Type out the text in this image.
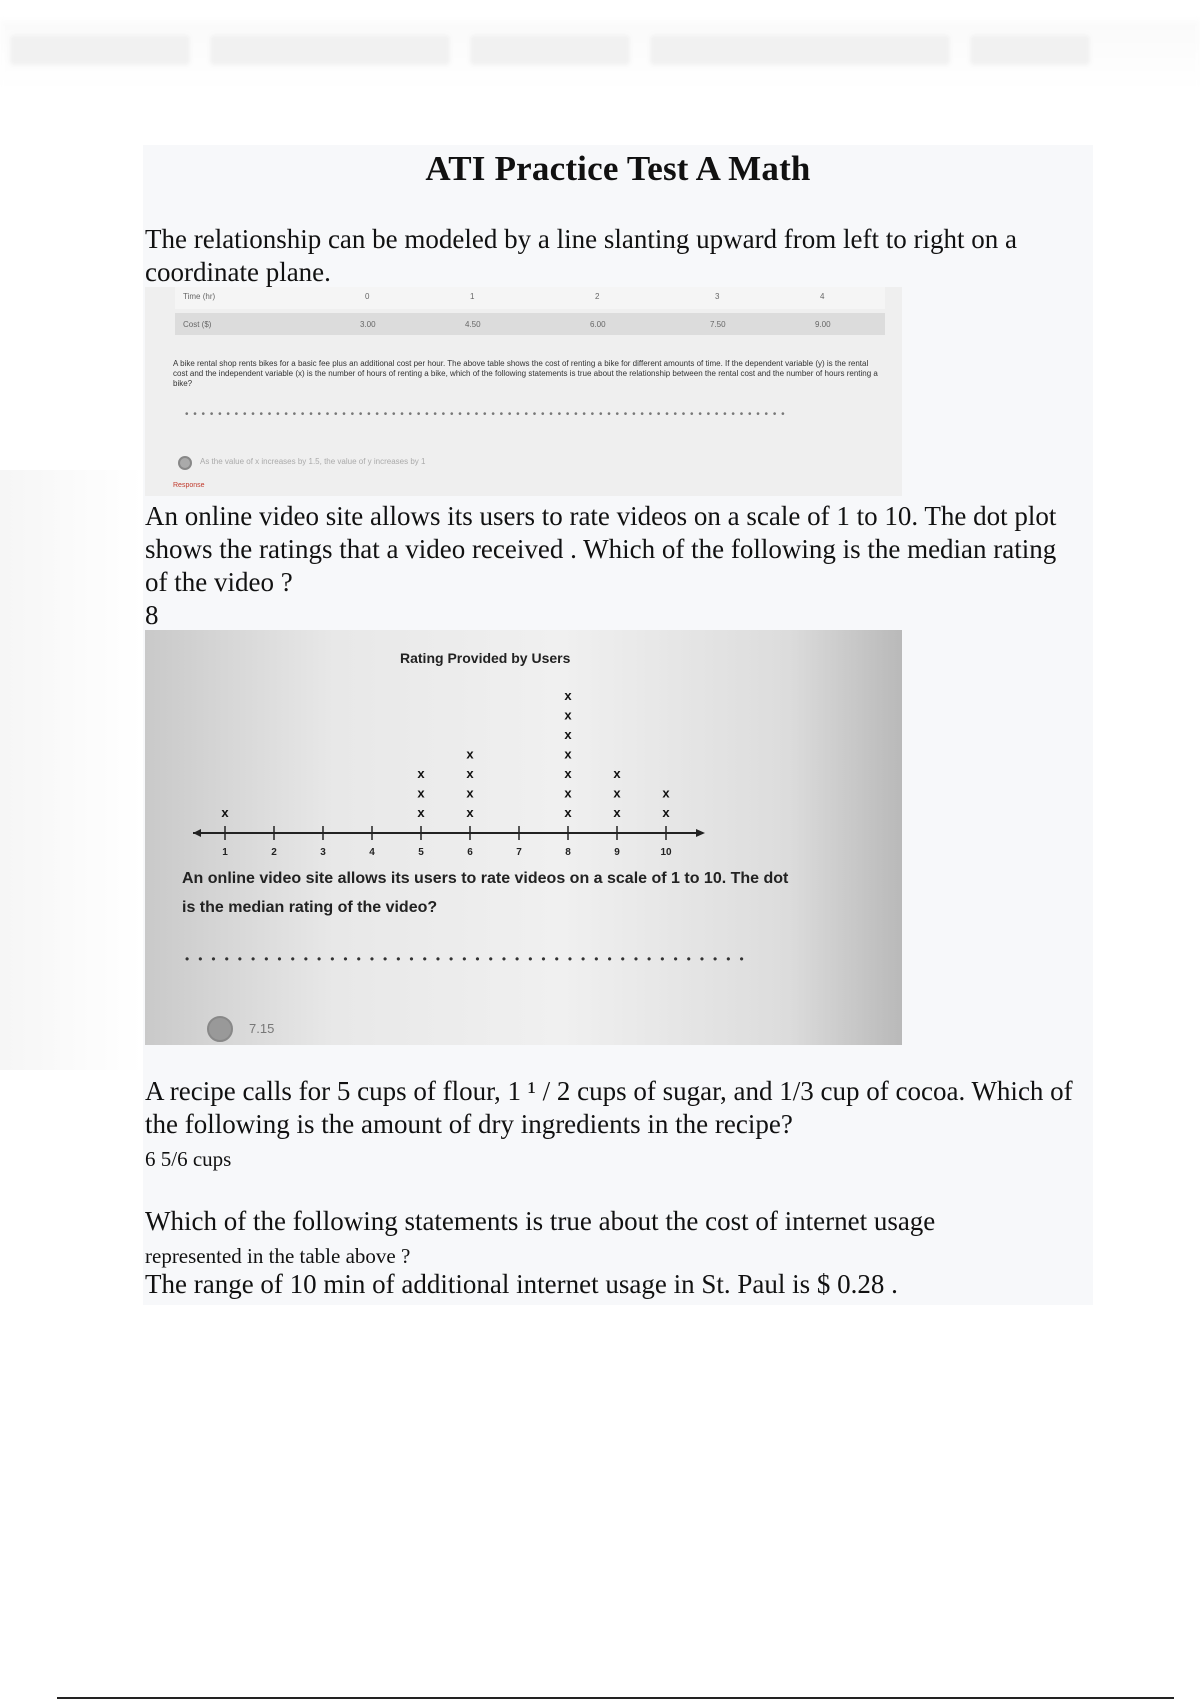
ATI Practice Test A Math
The relationship can be modeled by a line slanting upward from left to right on a coordinate plane.
Time (hr)	0	1	2	3	4
Cost ($)	3.00	4.50	6.00	7.50	9.00
A bike rental shop rents bikes for a basic fee plus an additional cost per hour. The above table shows the cost of renting a bike for different amounts of time. If the dependent variable (y) is the rental cost and the independent variable (x) is the number of hours of renting a bike, which of the following statements is true about the relationship between the rental cost and the number of hours renting a bike?
• • • • • • • • • • • • • • • • • • • • • • • • • • • • • • • • • • • • • • • • • • • • • • • • • • • • • • • • • • • • • • • • • • • • • • • • •
As the value of x increases by 1.5, the value of y increases by 1
Response
An online video site allows its users to rate videos on a scale of 1 to 10. The dot plot shows the ratings that a video received . Which of the following is the median rating of the video ?
8
Rating Provided by Users
1	2	3	4	5	6	7	8	9	10
x	x
x
x
x
x
x
x
x
x
x
x
x
x
x
x
x
x
x
x
An online video site allows its users to rate videos on a scale of 1 to 10. The dot
is the median rating of the video?
•••••••••••••••••••••••••••••••••••••••••••
7.15
A recipe calls for 5 cups of flour, 1 ¹ / 2 cups of sugar, and 1/3 cup of cocoa. Which of the following is the amount of dry ingredients in the recipe?
6 5/6 cups
Which of the following statements is true about the cost of internet usage
represented in the table above ?
The range of 10 min of additional internet usage in St. Paul is $ 0.28 .
